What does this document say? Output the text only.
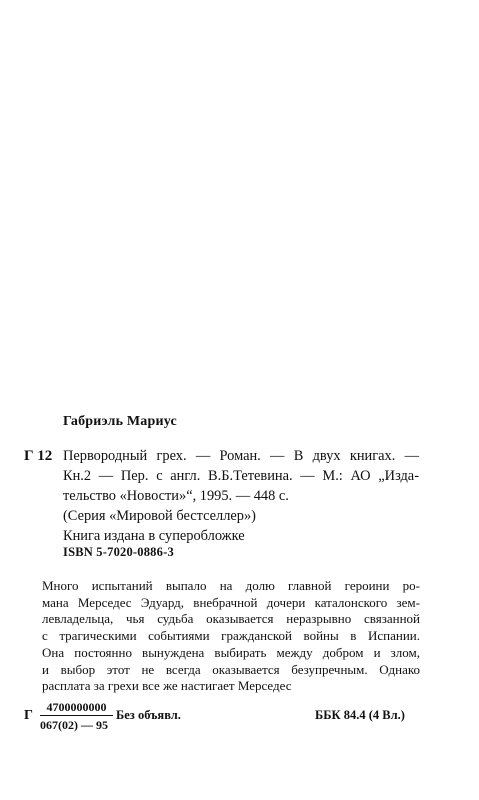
Габриэль Мариус
Г 12 Первородный грех. — Роман. — В двух книгах. —
Кн.2 — Пер. с англ. В.Б.Тетевина. — М.: АО „Изда-
тельство «Новости»“, 1995. — 448 с.
(Серия «Мировой бестселлер»)
Книга издана в суперобложке
ISBN 5-7020-0886-3
Много испытаний выпало на долю главной героини ро-
мана Мерседес Эдуард, внебрачной дочери каталонского зем-
левладельца, чья судьба оказывается неразрывно связанной
с трагическими событиями гражданской войны в Испании.
Она постоянно вынуждена выбирать между добром и злом,
и выбор этот не всегда оказывается безупречным. Однако
расплата за грехи все же настигает Мерседес
Г
4700000000
067(02) — 95
Без объявл.	ББК 84.4 (4 Вл.)
